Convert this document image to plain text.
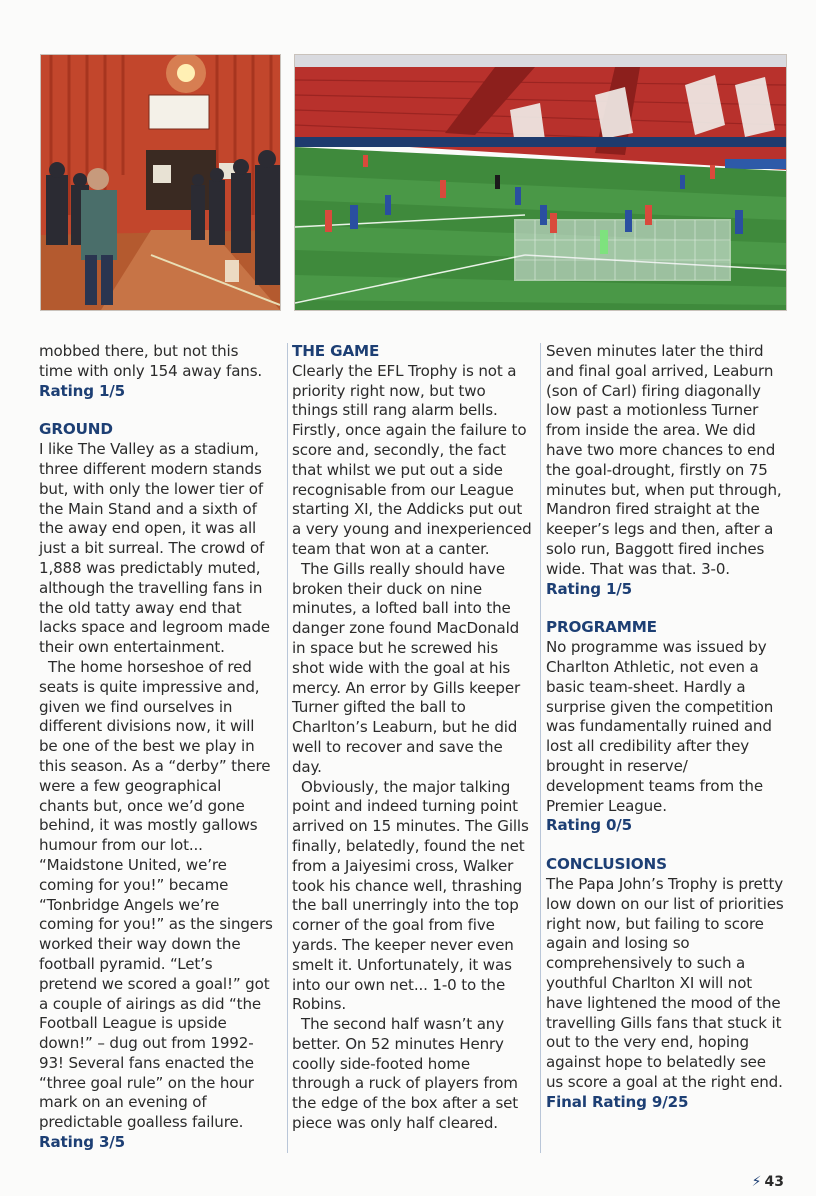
mobbed there, but not this time with only 154 away fans.

Rating 1/5

GROUND

I like The Valley as a stadium, three different modern stands but, with only the lower tier of the Main Stand and a sixth of the away end open, it was all just a bit surreal. The crowd of 1,888 was predictably muted, although the travelling fans in the old tatty away end that lacks space and legroom made their own entertainment.

The home horseshoe of red seats is quite impressive and, given we find ourselves in different divisions now, it will be one of the best we play in this season. As a “derby” there were a few geographical chants but, once we’d gone behind, it was mostly gallows humour from our lot... “Maidstone United, we’re coming for you!” became “Tonbridge Angels we’re coming for you!” as the singers worked their way down the football pyramid. “Let’s pretend we scored a goal!” got a couple of airings as did “the Football League is upside down!” – dug out from 1992-93! Several fans enacted the “three goal rule” on the hour mark on an evening of predictable goalless failure.

Rating 3/5

THE GAME

Clearly the EFL Trophy is not a priority right now, but two things still rang alarm bells. Firstly, once again the failure to score and, secondly, the fact that whilst we put out a side recognisable from our League starting XI, the Addicks put out a very young and inexperienced team that won at a canter.

The Gills really should have broken their duck on nine minutes, a lofted ball into the danger zone found MacDonald in space but he screwed his shot wide with the goal at his mercy. An error by Gills keeper Turner gifted the ball to Charlton’s Leaburn, but he did well to recover and save the day.

Obviously, the major talking point and indeed turning point arrived on 15 minutes. The Gills finally, belatedly, found the net from a Jaiyesimi cross, Walker took his chance well, thrashing the ball unerringly into the top corner of the goal from five yards. The keeper never even smelt it. Unfortunately, it was into our own net... 1-0 to the Robins.

The second half wasn’t any better. On 52 minutes Henry coolly side-footed home through a ruck of players from the edge of the box after a set piece was only half cleared.

Seven minutes later the third and final goal arrived, Leaburn (son of Carl) firing diagonally low past a motionless Turner from inside the area. We did have two more chances to end the goal-drought, firstly on 75 minutes but, when put through, Mandron fired straight at the keeper’s legs and then, after a solo run, Baggott fired inches wide. That was that. 3-0.

Rating 1/5

PROGRAMME

No programme was issued by Charlton Athletic, not even a basic team-sheet. Hardly a surprise given the competition was fundamentally ruined and lost all credibility after they brought in reserve/ development teams from the Premier League.

Rating 0/5

CONCLUSIONS

The Papa John’s Trophy is pretty low down on our list of priorities right now, but failing to score again and losing so comprehensively to such a youthful Charlton XI will not have lightened the mood of the travelling Gills fans that stuck it out to the very end, hoping against hope to belatedly see us score a goal at the right end.

Final Rating 9/25

⚡ 43
